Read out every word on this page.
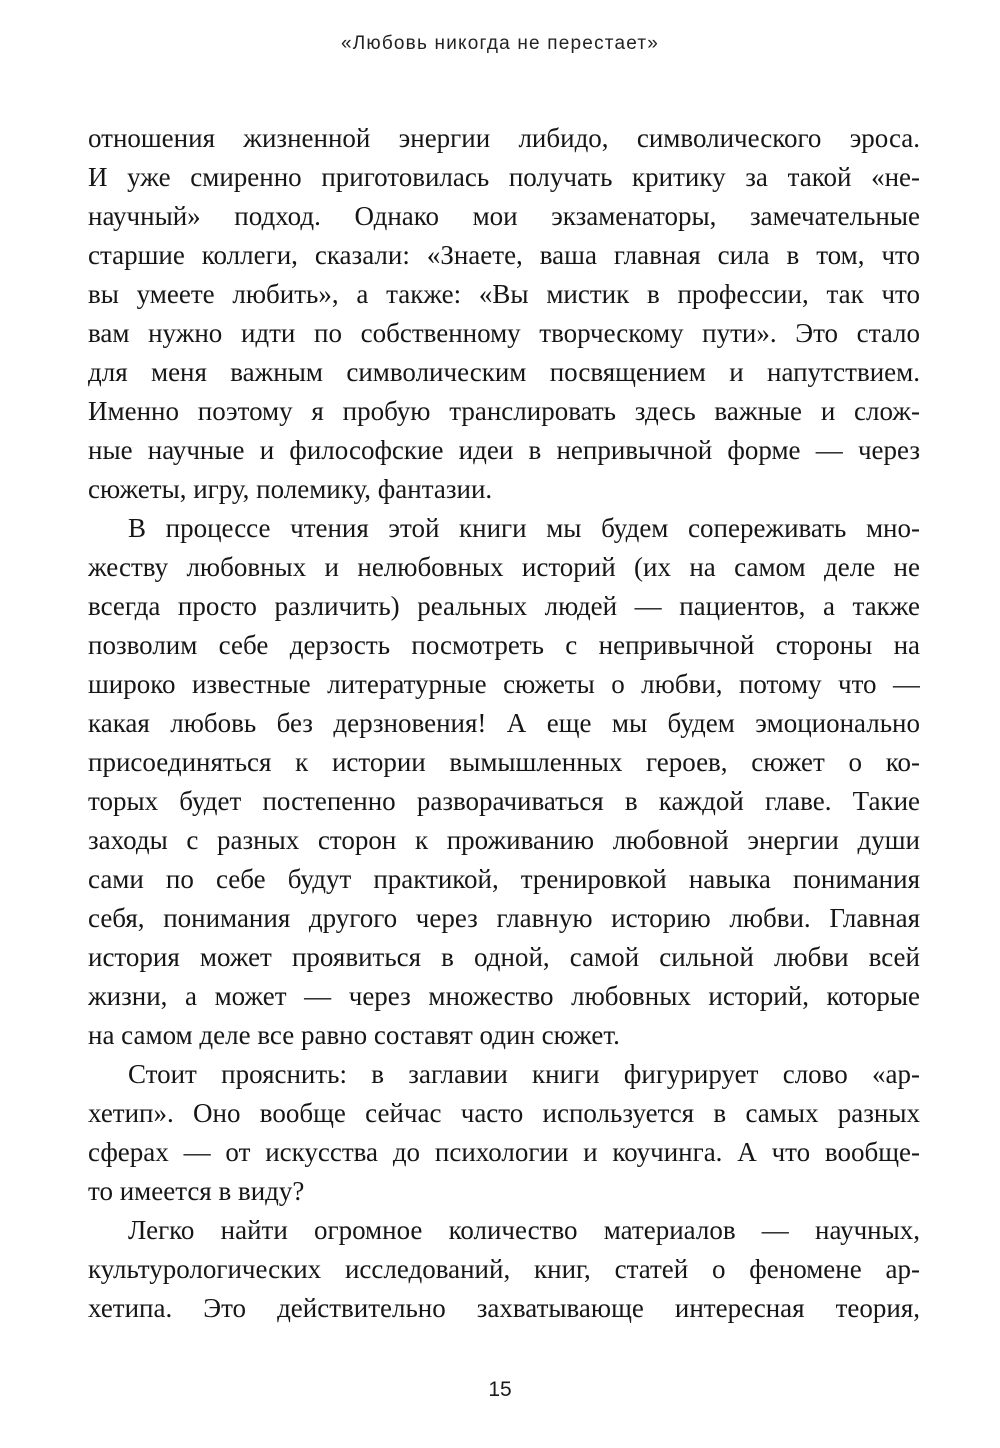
«Любовь никогда не перестает»
отношения жизненной энергии либидо, символического эроса.
И уже смиренно приготовилась получать критику за такой «не-
научный» подход. Однако мои экзаменаторы, замечательные
старшие коллеги, сказали: «Знаете, ваша главная сила в том, что
вы умеете любить», а также: «Вы мистик в профессии, так что
вам нужно идти по собственному творческому пути». Это стало
для меня важным символическим посвящением и напутствием.
Именно поэтому я пробую транслировать здесь важные и слож-
ные научные и философские идеи в непривычной форме — через
сюжеты, игру, полемику, фантазии.
В процессе чтения этой книги мы будем сопереживать мно-
жеству любовных и нелюбовных историй (их на самом деле не
всегда просто различить) реальных людей — пациентов, а также
позволим себе дерзость посмотреть с непривычной стороны на
широко известные литературные сюжеты о любви, потому что —
какая любовь без дерзновения! А еще мы будем эмоционально
присоединяться к истории вымышленных героев, сюжет о ко-
торых будет постепенно разворачиваться в каждой главе. Такие
заходы с разных сторон к проживанию любовной энергии души
сами по себе будут практикой, тренировкой навыка понимания
себя, понимания другого через главную историю любви. Главная
история может проявиться в одной, самой сильной любви всей
жизни, а может — через множество любовных историй, которые
на самом деле все равно составят один сюжет.
Стоит прояснить: в заглавии книги фигурирует слово «ар-
хетип». Оно вообще сейчас часто используется в самых разных
сферах — от искусства до психологии и коучинга. А что вообще-
то имеется в виду?
Легко найти огромное количество материалов — научных,
культурологических исследований, книг, статей о феномене ар-
хетипа. Это действительно захватывающе интересная теория,
15
